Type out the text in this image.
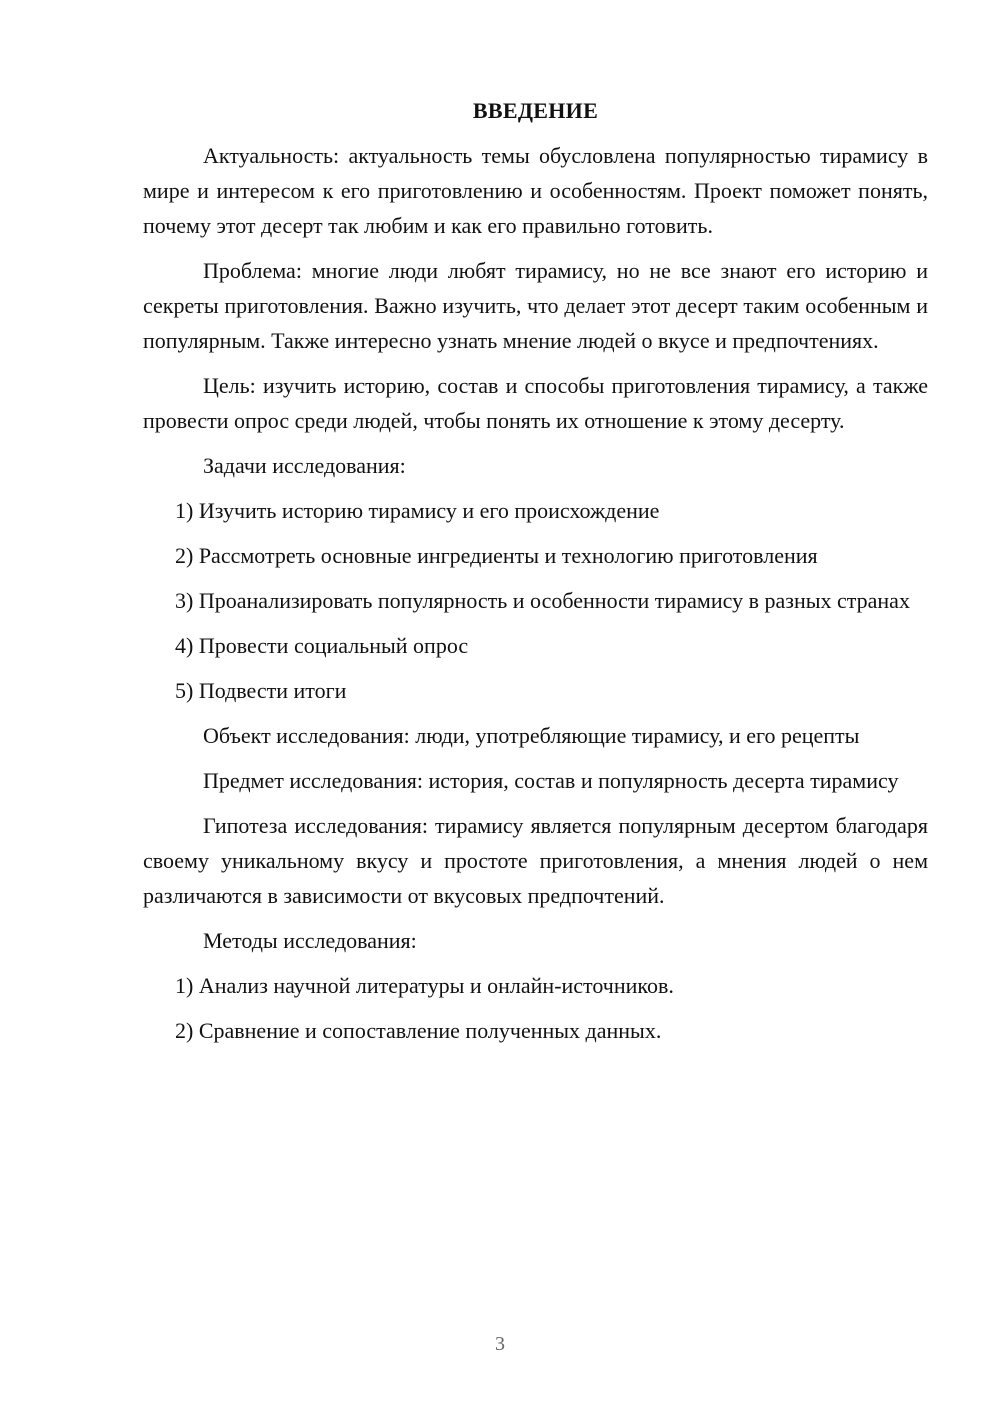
ВВЕДЕНИЕ

Актуальность: актуальность темы обусловлена популярностью тирамису в мире и интересом к его приготовлению и особенностям. Проект поможет понять, почему этот десерт так любим и как его правильно готовить.

Проблема: многие люди любят тирамису, но не все знают его историю и секреты приготовления. Важно изучить, что делает этот десерт таким особенным и популярным. Также интересно узнать мнение людей о вкусе и предпочтениях.

Цель: изучить историю, состав и способы приготовления тирамису, а также провести опрос среди людей, чтобы понять их отношение к этому десерту.

Задачи исследования:

1) Изучить историю тирамису и его происхождение

2) Рассмотреть основные ингредиенты и технологию приготовления

3) Проанализировать популярность и особенности тирамису в разных странах

4) Провести социальный опрос

5) Подвести итоги

Объект исследования: люди, употребляющие тирамису, и его рецепты

Предмет исследования: история, состав и популярность десерта тирамису

Гипотеза исследования: тирамису является популярным десертом благодаря своему уникальному вкусу и простоте приготовления, а мнения людей о нем различаются в зависимости от вкусовых предпочтений.

Методы исследования:

1) Анализ научной литературы и онлайн-источников.

2) Сравнение и сопоставление полученных данных.

3
